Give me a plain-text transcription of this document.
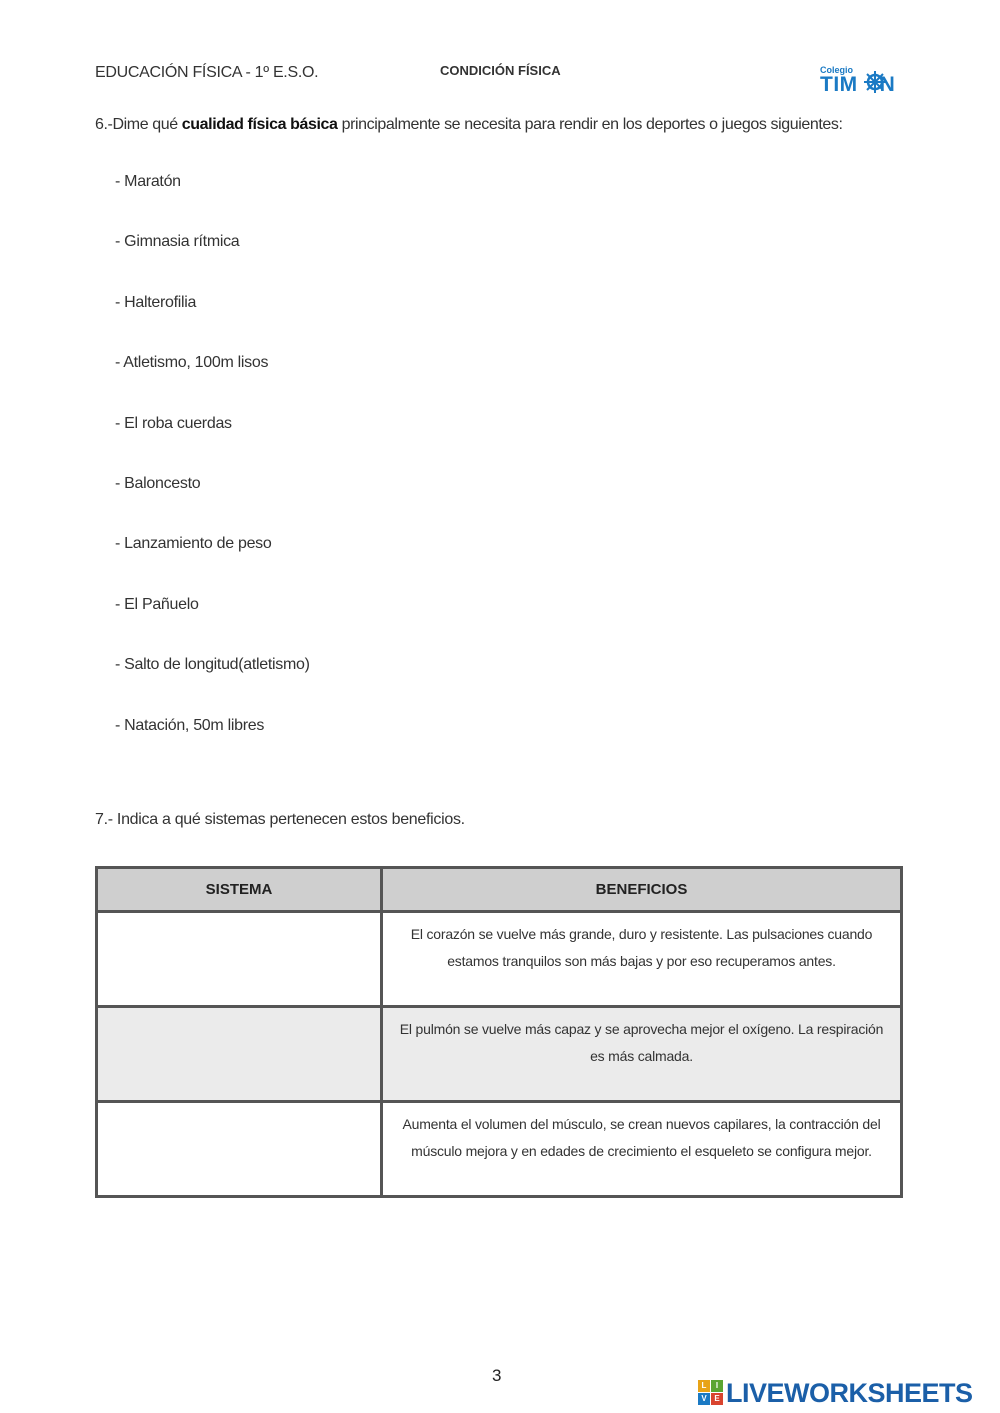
EDUCACIÓN FÍSICA - 1º E.S.O.	CONDICIÓN FÍSICA	Colegio
TIM N
6.-Dime qué cualidad física básica principalmente se necesita para rendir en los deportes o juegos siguientes:
- Maratón
- Gimnasia rítmica
- Halterofilia
- Atletismo, 100m lisos
- El roba cuerdas
- Baloncesto
- Lanzamiento de peso
- El Pañuelo
- Salto de longitud(atletismo)
- Natación, 50m libres
7.- Indica a qué sistemas pertenecen estos beneficios.
SISTEMA	BENEFICIOS
	El corazón se vuelve más grande, duro y resistente. Las pulsaciones cuando estamos tranquilos son más bajas y por eso recuperamos antes.
	El pulmón se vuelve más capaz y se aprovecha mejor el oxígeno. La respiración es más calmada.
	Aumenta el volumen del músculo, se crean nuevos capilares, la contracción del músculo mejora y en edades de crecimiento el esqueleto se configura mejor.
3
L	I
V E LIVEWORKSHEETS
